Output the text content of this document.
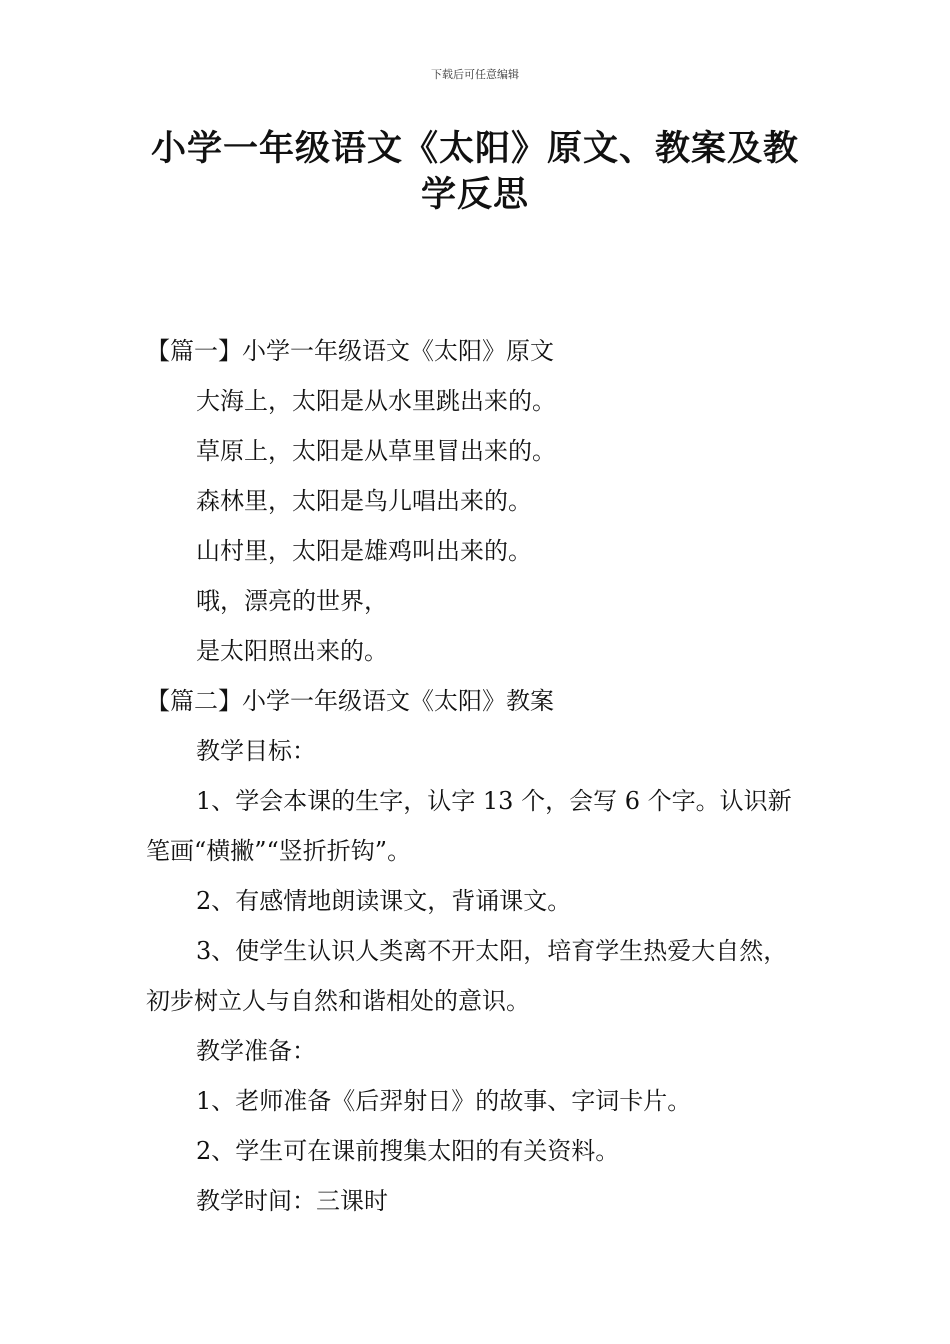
下载后可任意编辑
小学一年级语文《太阳》原文、教案及教
学反思
【篇一】小学一年级语文《太阳》原文
大海上，太阳是从水里跳出来的。
草原上，太阳是从草里冒出来的。
森林里，太阳是鸟儿唱出来的。
山村里，太阳是雄鸡叫出来的。
哦，漂亮的世界，
是太阳照出来的。
【篇二】小学一年级语文《太阳》教案
教学目标：
1、学会本课的生字，认字 13 个，会写 6 个字。认识新
笔画“横撇”“竖折折钩”。
2、有感情地朗读课文，背诵课文。
3、使学生认识人类离不开太阳，培育学生热爱大自然，
初步树立人与自然和谐相处的意识。
教学准备：
1、老师准备《后羿射日》的故事、字词卡片。
2、学生可在课前搜集太阳的有关资料。
教学时间：三课时
